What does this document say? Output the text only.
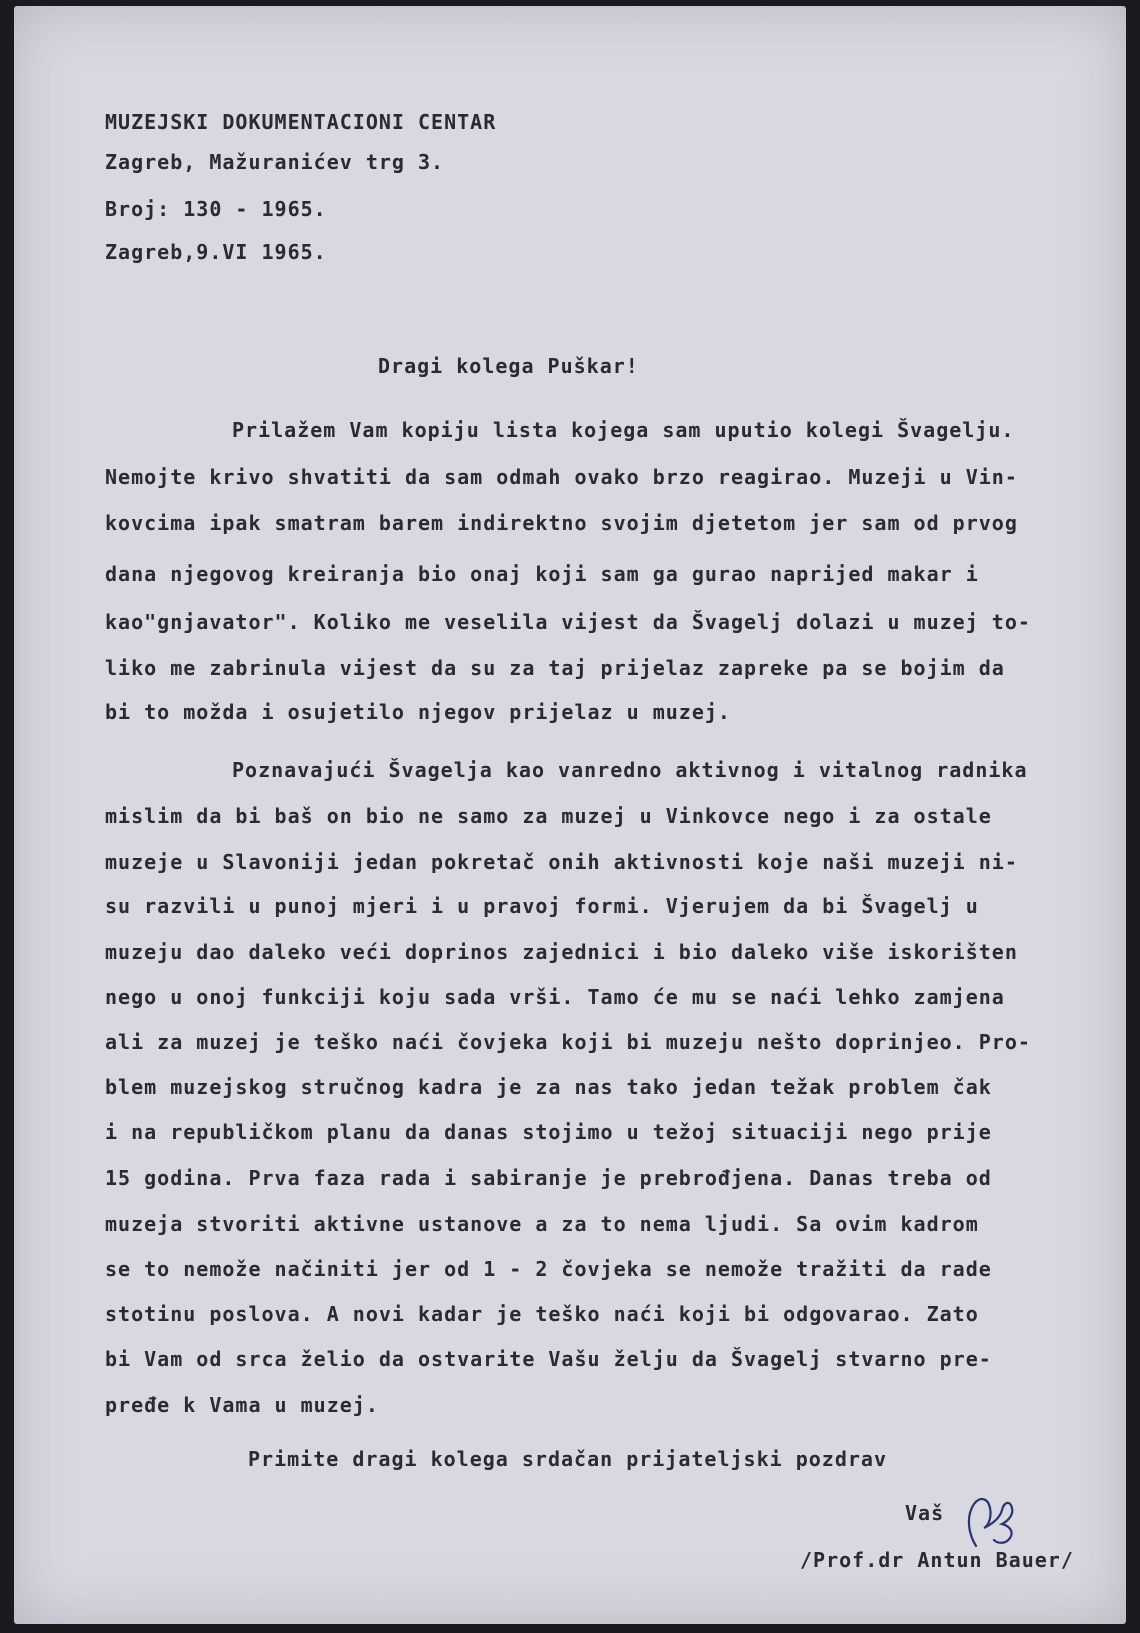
MUZEJSKI DOKUMENTACIONI CENTAR
Zagreb, Mažuranićev trg 3.
Broj: 130 - 1965.
Zagreb,9.VI 1965.
Dragi kolega Puškar!
Prilažem Vam kopiju lista kojega sam uputio kolegi Švagelju.
Nemojte krivo shvatiti da sam odmah ovako brzo reagirao. Muzeji u Vin-
kovcima ipak smatram barem indirektno svojim djetetom jer sam od prvog
dana njegovog kreiranja bio onaj koji sam ga gurao naprijed makar i
kao"gnjavator". Koliko me veselila vijest da Švagelj dolazi u muzej to-
liko me zabrinula vijest da su za taj prijelaz zapreke pa se bojim da
bi to možda i osujetilo njegov prijelaz u muzej.
Poznavajući Švagelja kao vanredno aktivnog i vitalnog radnika
mislim da bi baš on bio ne samo za muzej u Vinkovce nego i za ostale
muzeje u Slavoniji jedan pokretač onih aktivnosti koje naši muzeji ni-
su razvili u punoj mjeri i u pravoj formi. Vjerujem da bi Švagelj u
muzeju dao daleko veći doprinos zajednici i bio daleko više iskorišten
nego u onoj funkciji koju sada vrši. Tamo će mu se naći lehko zamjena
ali za muzej je teško naći čovjeka koji bi muzeju nešto doprinjeo. Pro-
blem muzejskog stručnog kadra je za nas tako jedan težak problem čak
i na republičkom planu da danas stojimo u težoj situaciji nego prije
15 godina. Prva faza rada i sabiranje je prebrođjena. Danas treba od
muzeja stvoriti aktivne ustanove a za to nema ljudi. Sa ovim kadrom
se to nemože načiniti jer od 1 - 2 čovjeka se nemože tražiti da rade
stotinu poslova. A novi kadar je teško naći koji bi odgovarao. Zato
bi Vam od srca želio da ostvarite Vašu želju da Švagelj stvarno pre-
pređe k Vama u muzej.
Primite dragi kolega srdačan prijateljski pozdrav
Vaš
/Prof.dr Antun Bauer/
